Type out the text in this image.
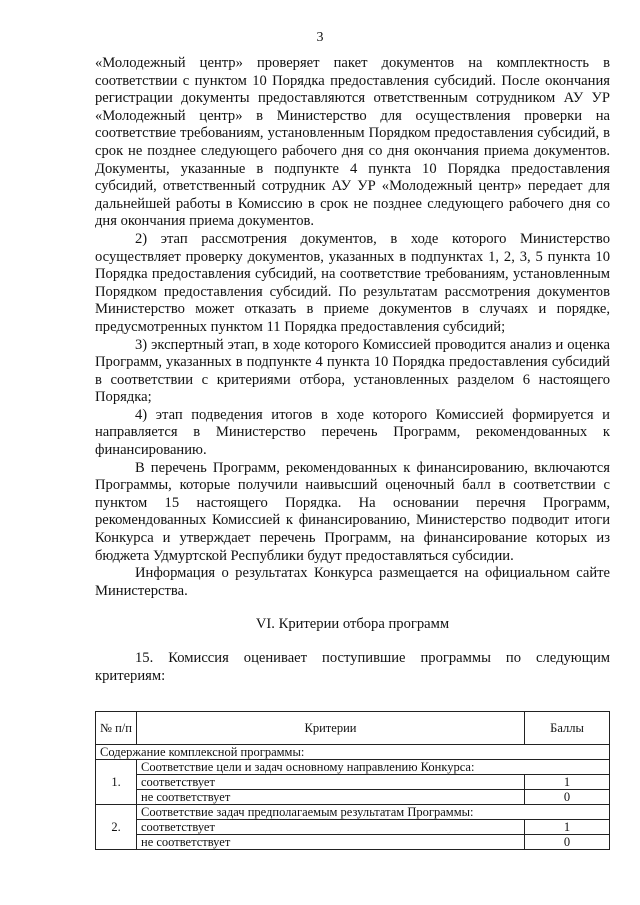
3

«Молодежный центр» проверяет пакет документов на комплектность в соответствии с пунктом 10 Порядка предоставления субсидий. После окончания регистрации документы предоставляются ответственным сотрудником АУ УР «Молодежный центр» в Министерство для осуществления проверки на соответствие требованиям, установленным Порядком предоставления субсидий, в срок не позднее следующего рабочего дня со дня окончания приема документов. Документы, указанные в подпункте 4 пункта 10 Порядка предоставления субсидий, ответственный сотрудник АУ УР «Молодежный центр» передает для дальнейшей работы в Комиссию в срок не позднее следующего рабочего дня со дня окончания приема документов.

2) этап рассмотрения документов, в ходе которого Министерство осуществляет проверку документов, указанных в подпунктах 1, 2, 3, 5 пункта 10 Порядка предоставления субсидий, на соответствие требованиям, установленным Порядком предоставления субсидий. По результатам рассмотрения документов Министерство может отказать в приеме документов в случаях и порядке, предусмотренных пунктом 11 Порядка предоставления субсидий;

3) экспертный этап, в ходе которого Комиссией проводится анализ и оценка Программ, указанных в подпункте 4 пункта 10 Порядка предоставления субсидий в соответствии с критериями отбора, установленных разделом 6 настоящего Порядка;

4) этап подведения итогов в ходе которого Комиссией формируется и направляется в Министерство перечень Программ, рекомендованных к финансированию.

В перечень Программ, рекомендованных к финансированию, включаются Программы, которые получили наивысший оценочный балл в соответствии с пунктом 15 настоящего Порядка. На основании перечня Программ, рекомендованных Комиссией к финансированию, Министерство подводит итоги Конкурса и утверждает перечень Программ, на финансирование которых из бюджета Удмуртской Республики будут предоставляться субсидии.

Информация о результатах Конкурса размещается на официальном сайте Министерства.

VI. Критерии отбора программ

15. Комиссия оценивает поступившие программы по следующим критериям:

№ п/п	Критерии	Баллы
Содержание комплексной программы:		
1.	Соответствие цели и задач основному направлению Конкурса:	
	соответствует	1
	не соответствует	0
2.	Соответствие задач предполагаемым результатам Программы:	
	соответствует	1
	не соответствует	0
